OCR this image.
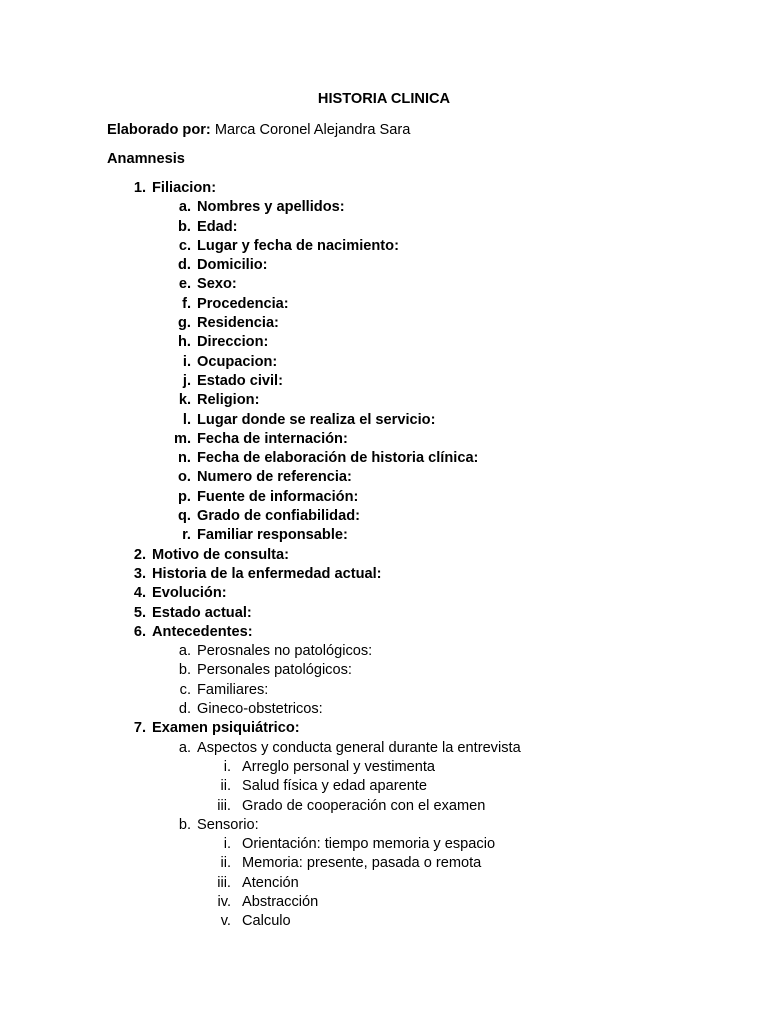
HISTORIA CLINICA
Elaborado por: Marca Coronel Alejandra Sara
Anamnesis
1. Filiacion:
a. Nombres y apellidos:
b. Edad:
c. Lugar y fecha de nacimiento:
d. Domicilio:
e. Sexo:
f. Procedencia:
g. Residencia:
h. Direccion:
i. Ocupacion:
j. Estado civil:
k. Religion:
l. Lugar donde se realiza el servicio:
m. Fecha de internación:
n. Fecha de elaboración de historia clínica:
o. Numero de referencia:
p. Fuente de información:
q. Grado de confiabilidad:
r. Familiar responsable:
2. Motivo de consulta:
3. Historia de la enfermedad actual:
4. Evolución:
5. Estado actual:
6. Antecedentes:
a. Perosnales no patológicos:
b. Personales patológicos:
c. Familiares:
d. Gineco-obstetricos:
7. Examen psiquiátrico:
a. Aspectos y conducta general durante la entrevista
i. Arreglo personal y vestimenta
ii. Salud física y edad aparente
iii. Grado de cooperación con el examen
b. Sensorio:
i. Orientación: tiempo memoria y espacio
ii. Memoria: presente, pasada o remota
iii. Atención
iv. Abstracción
v. Calculo
